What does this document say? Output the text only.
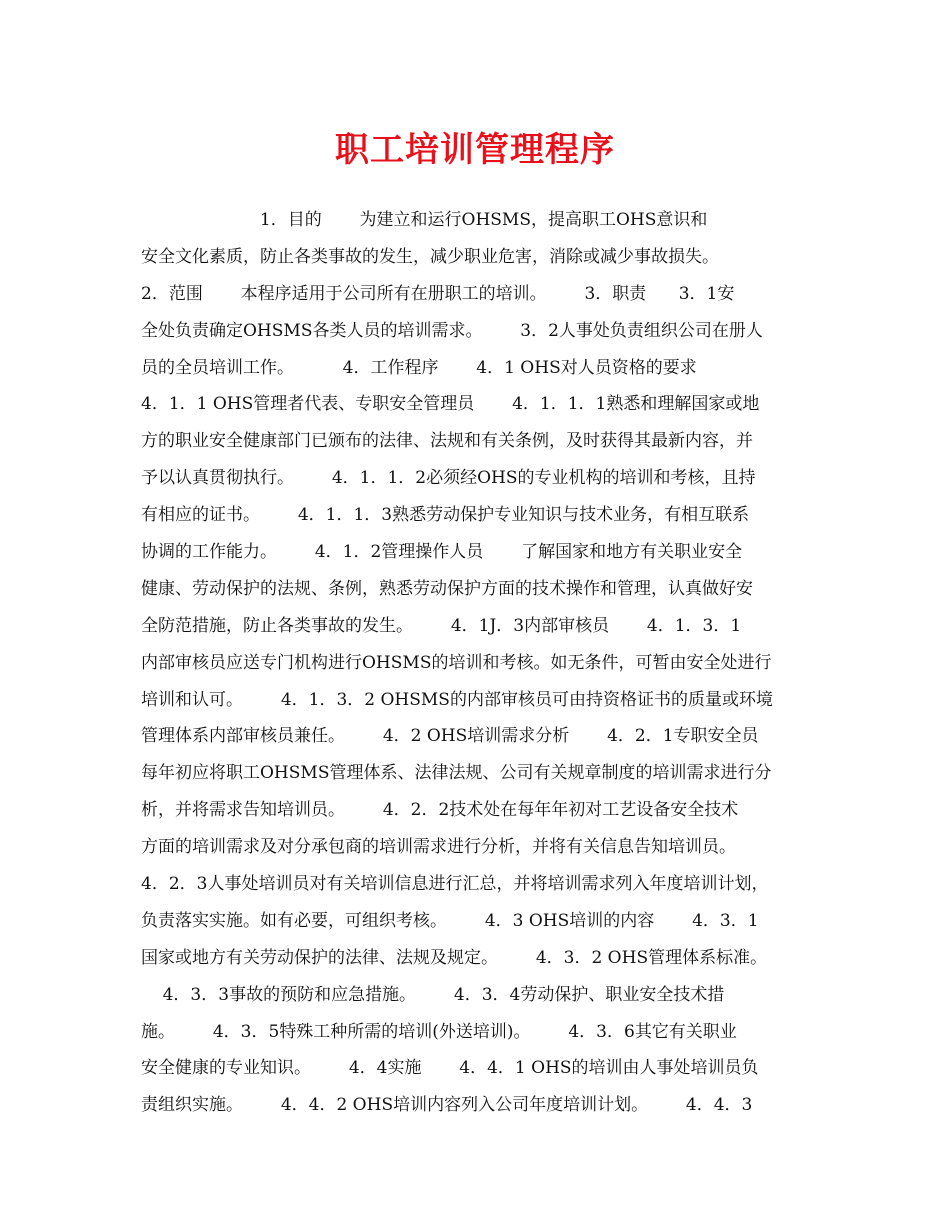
职工培训管理程序
1．目的       为建立和运行OHSMS，提高职工OHS意识和
安全文化素质，防止各类事故的发生，减少职业危害，消除或减少事故损失。
2．范围       本程序适用于公司所有在册职工的培训。       3．职责      3．1安
全处负责确定OHSMS各类人员的培训需求。       3．2人事处负责组织公司在册人
员的全员培训工作。         4．工作程序       4．1 OHS对人员资格的要求
4．1．1 OHS管理者代表、专职安全管理员       4．1．1．1熟悉和理解国家或地
方的职业安全健康部门已颁布的法律、法规和有关条例，及时获得其最新内容，并
予以认真贯彻执行。       4．1．1．2必须经OHS的专业机构的培训和考核，且持
有相应的证书。       4．1．1．3熟悉劳动保护专业知识与技术业务，有相互联系
协调的工作能力。       4．1．2管理操作人员       了解国家和地方有关职业安全
健康、劳动保护的法规、条例，熟悉劳动保护方面的技术操作和管理，认真做好安
全防范措施，防止各类事故的发生。       4．1J．3内部审核员       4．1．3．1
内部审核员应送专门机构进行OHSMS的培训和考核。如无条件，可暂由安全处进行
培训和认可。       4．1．3．2 OHSMS的内部审核员可由持资格证书的质量或环境
管理体系内部审核员兼任。       4．2 OHS培训需求分析       4．2．1专职安全员
每年初应将职工OHSMS管理体系、法律法规、公司有关规章制度的培训需求进行分
析，并将需求告知培训员。       4．2．2技术处在每年年初对工艺设备安全技术
方面的培训需求及对分承包商的培训需求进行分析，并将有关信息告知培训员。
4．2．3人事处培训员对有关培训信息进行汇总，并将培训需求列入年度培训计划，
负责落实实施。如有必要，可组织考核。       4．3 OHS培训的内容       4．3．1
国家或地方有关劳动保护的法律、法规及规定。       4．3．2 OHS管理体系标准。
4．3．3事故的预防和应急措施。       4．3．4劳动保护、职业安全技术措
施。       4．3．5特殊工种所需的培训(外送培训)。       4．3．6其它有关职业
安全健康的专业知识。       4．4实施       4．4．1 OHS的培训由人事处培训员负
责组织实施。       4．4．2 OHS培训内容列入公司年度培训计划。       4．4．3
